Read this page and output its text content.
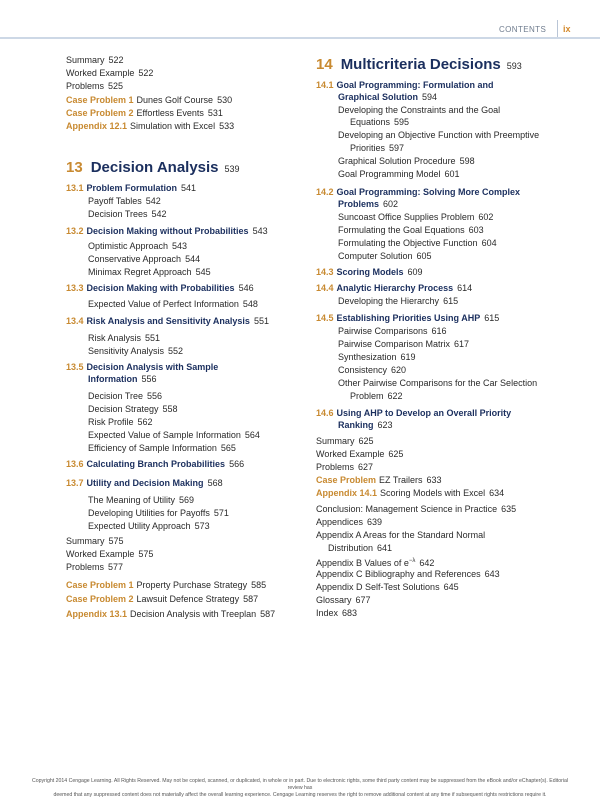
CONTENTS ix
Summary 522
Worked Example 522
Problems 525
Case Problem 1 Dunes Golf Course 530
Case Problem 2 Effortless Events 531
Appendix 12.1 Simulation with Excel 533
13 Decision Analysis 539
13.1 Problem Formulation 541
Payoff Tables 542
Decision Trees 542
13.2 Decision Making without Probabilities 543
Optimistic Approach 543
Conservative Approach 544
Minimax Regret Approach 545
13.3 Decision Making with Probabilities 546
Expected Value of Perfect Information 548
13.4 Risk Analysis and Sensitivity Analysis 551
Risk Analysis 551
Sensitivity Analysis 552
13.5 Decision Analysis with Sample
Information 556
Decision Tree 556
Decision Strategy 558
Risk Profile 562
Expected Value of Sample Information 564
Efficiency of Sample Information 565
13.6 Calculating Branch Probabilities 566
13.7 Utility and Decision Making 568
The Meaning of Utility 569
Developing Utilities for Payoffs 571
Expected Utility Approach 573
Summary 575
Worked Example 575
Problems 577
Case Problem 1 Property Purchase Strategy 585
Case Problem 2 Lawsuit Defence Strategy 587
Appendix 13.1 Decision Analysis with Treeplan 587
14 Multicriteria Decisions 593
14.1 Goal Programming: Formulation and
Graphical Solution 594
Developing the Constraints and the Goal
Equations 595
Developing an Objective Function with Preemptive
Priorities 597
Graphical Solution Procedure 598
Goal Programming Model 601
14.2 Goal Programming: Solving More Complex
Problems 602
Suncoast Office Supplies Problem 602
Formulating the Goal Equations 603
Formulating the Objective Function 604
Computer Solution 605
14.3 Scoring Models 609
14.4 Analytic Hierarchy Process 614
Developing the Hierarchy 615
14.5 Establishing Priorities Using AHP 615
Pairwise Comparisons 616
Pairwise Comparison Matrix 617
Synthesization 619
Consistency 620
Other Pairwise Comparisons for the Car Selection
Problem 622
14.6 Using AHP to Develop an Overall Priority
Ranking 623
Summary 625
Worked Example 625
Problems 627
Case Problem EZ Trailers 633
Appendix 14.1 Scoring Models with Excel 634
Conclusion: Management Science in Practice 635
Appendices 639
Appendix A Areas for the Standard Normal
Distribution 641
Appendix B Values of $e^{-\lambda}$ 642
Appendix C Bibliography and References 643
Appendix D Self-Test Solutions 645
Glossary 677
Index 683
Copyright 2014 Cengage Learning. All Rights Reserved. May not be copied, scanned, or duplicated, in whole or in part. Due to electronic rights, some third party content may be suppressed from the eBook and/or eChapter(s). Editorial review has
deemed that any suppressed content does not materially affect the overall learning experience. Cengage Learning reserves the right to remove additional content at any time if subsequent rights restrictions require it.
